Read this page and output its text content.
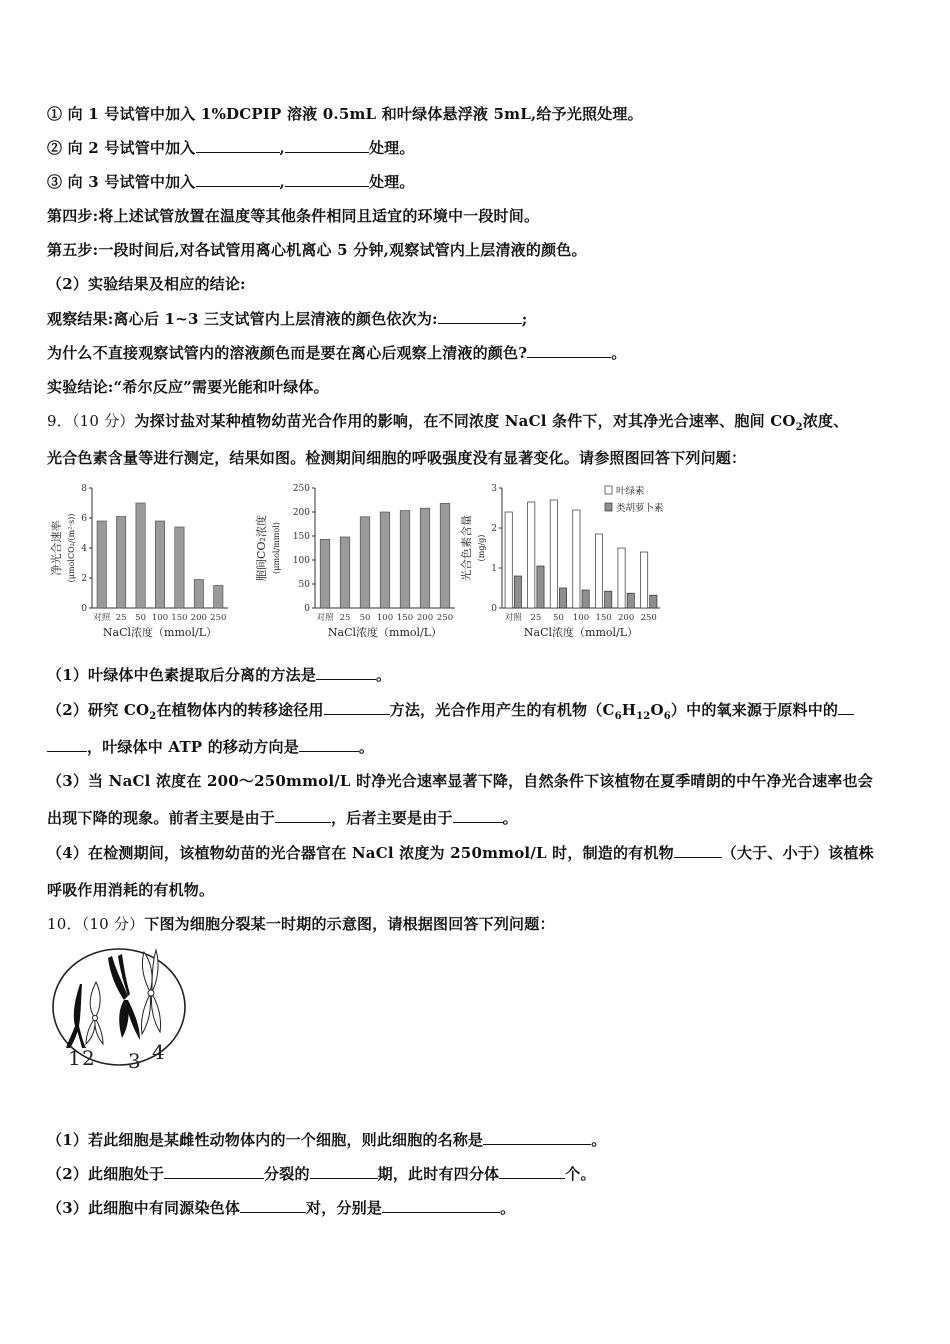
① 向 1 号试管中加入 1%DCPIP 溶液 0.5mL 和叶绿体悬浮液 5mL,给予光照处理。
② 向 2 号试管中加入	,	处理。
③ 向 3 号试管中加入	,	处理。
第四步:将上述试管放置在温度等其他条件相同且适宜的环境中一段时间。
第五步:一段时间后,对各试管用离心机离心 5 分钟,观察试管内上层清液的颜色。
（2）实验结果及相应的结论:
观察结果:离心后 1~3 三支试管内上层清液的颜色依次为:	;
为什么不直接观察试管内的溶液颜色而是要在离心后观察上清液的颜色?	。
实验结论:“希尔反应”需要光能和叶绿体。
9．（10 分）为探讨盐对某种植物幼苗光合作用的影响，在不同浓度 NaCl 条件下，对其净光合速率、胞间 $CO_2$浓度、
光合色素含量等进行测定，结果如图。检测期间细胞的呼吸强度没有显著变化。请参照图回答下列问题：
0
2
4
6
8
对照 25 50 100 150 200 250
NaCl浓度（mmol/L）
净光合速率 (μmolCO₂/(m²·s))
0
50
100
150
200
250
对照 25 50 100 150 200 250
NaCl浓度（mmol/L）
胞间CO₂浓度 (μmol/mmol)
0
1
2
3
对照 25 50 100 150 200 250
叶绿素
类胡萝卜素
NaCl浓度（mmol/L）
光合色素含量 (mg/g)
（1）叶绿体中色素提取后分离的方法是	。
（2）研究 $CO_2$在植物体内的转移途径用	方法，光合作用产生的有机物$(C_6H_{12}O_6)$中的氧来源于原料中的
，叶绿体中 ATP 的移动方向是	。
（3）当 NaCl 浓度在 200～250mmol/L 时净光合速率显著下降，自然条件下该植物在夏季晴朗的中午净光合速率也会
出现下降的现象。前者主要是由于	，后者主要是由于	。
（4）在检测期间，该植物幼苗的光合器官在 NaCl 浓度为 250mmol/L 时，制造的有机物	（大于、小于）该植株
呼吸作用消耗的有机物。
10．（10 分）下图为细胞分裂某一时期的示意图，请根据图回答下列问题：
1 2 3 4
（1）若此细胞是某雌性动物体内的一个细胞，则此细胞的名称是	。
（2）此细胞处于	分裂的	期，此时有四分体	个。
（3）此细胞中有同源染色体	对，分别是	。
